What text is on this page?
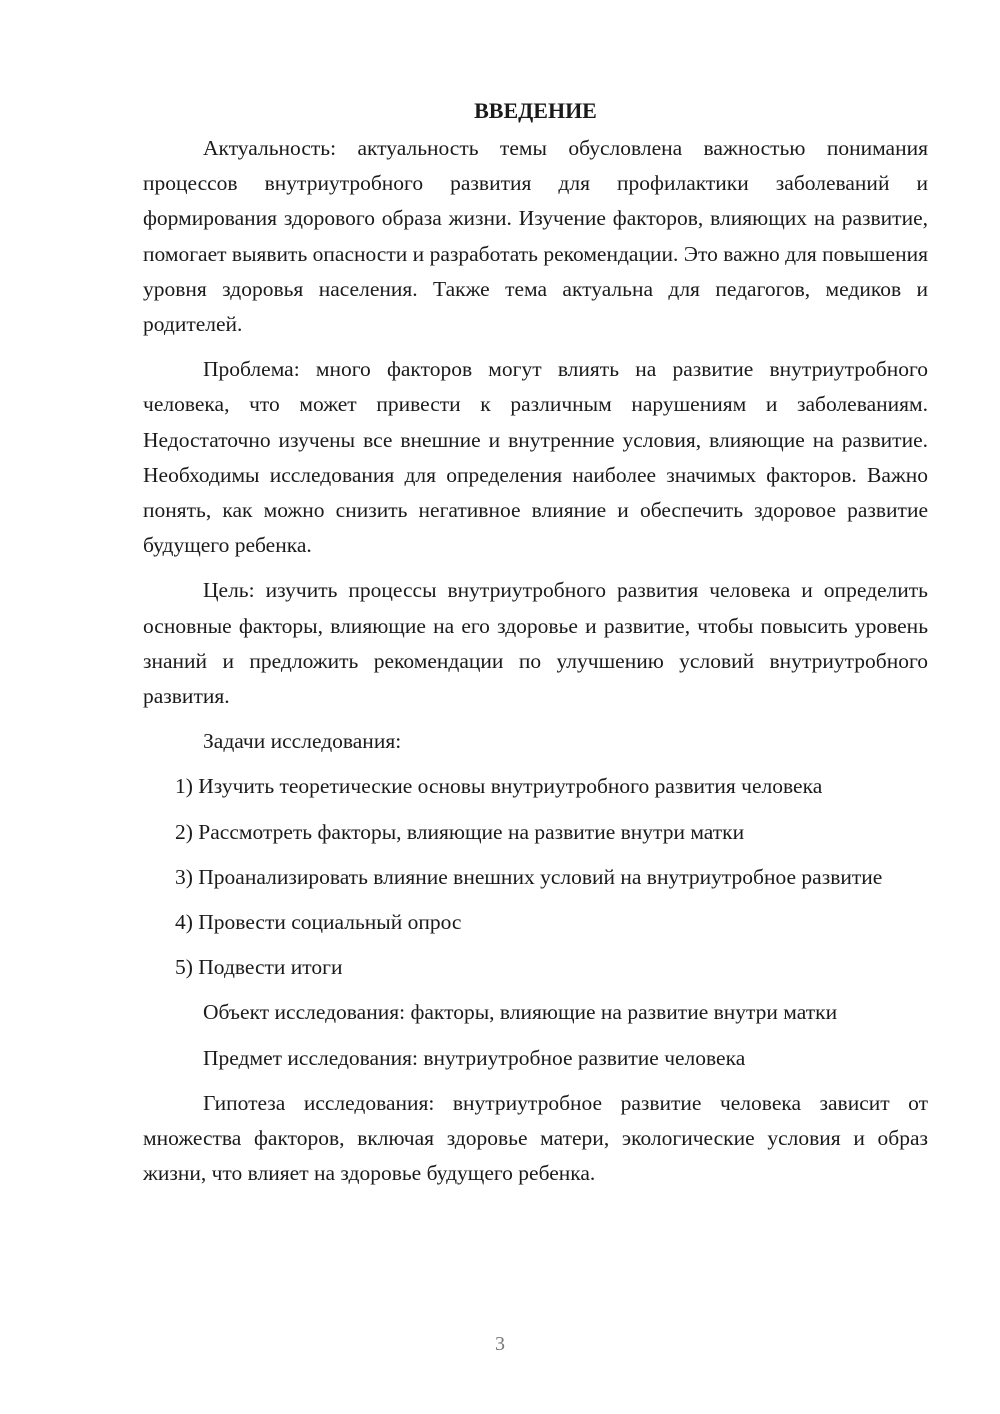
ВВЕДЕНИЕ

Актуальность: актуальность темы обусловлена важностью понимания процессов внутриутробного развития для профилактики заболеваний и формирования здорового образа жизни. Изучение факторов, влияющих на развитие, помогает выявить опасности и разработать рекомендации. Это важно для повышения уровня здоровья населения. Также тема актуальна для педагогов, медиков и родителей.

Проблема: много факторов могут влиять на развитие внутриутробного человека, что может привести к различным нарушениям и заболеваниям. Недостаточно изучены все внешние и внутренние условия, влияющие на развитие. Необходимы исследования для определения наиболее значимых факторов. Важно понять, как можно снизить негативное влияние и обеспечить здоровое развитие будущего ребенка.

Цель: изучить процессы внутриутробного развития человека и определить основные факторы, влияющие на его здоровье и развитие, чтобы повысить уровень знаний и предложить рекомендации по улучшению условий внутриутробного развития.

Задачи исследования:

1) Изучить теоретические основы внутриутробного развития человека

2) Рассмотреть факторы, влияющие на развитие внутри матки

3) Проанализировать влияние внешних условий на внутриутробное развитие

4) Провести социальный опрос

5) Подвести итоги

Объект исследования: факторы, влияющие на развитие внутри матки

Предмет исследования: внутриутробное развитие человека

Гипотеза исследования: внутриутробное развитие человека зависит от множества факторов, включая здоровье матери, экологические условия и образ жизни, что влияет на здоровье будущего ребенка.

3
